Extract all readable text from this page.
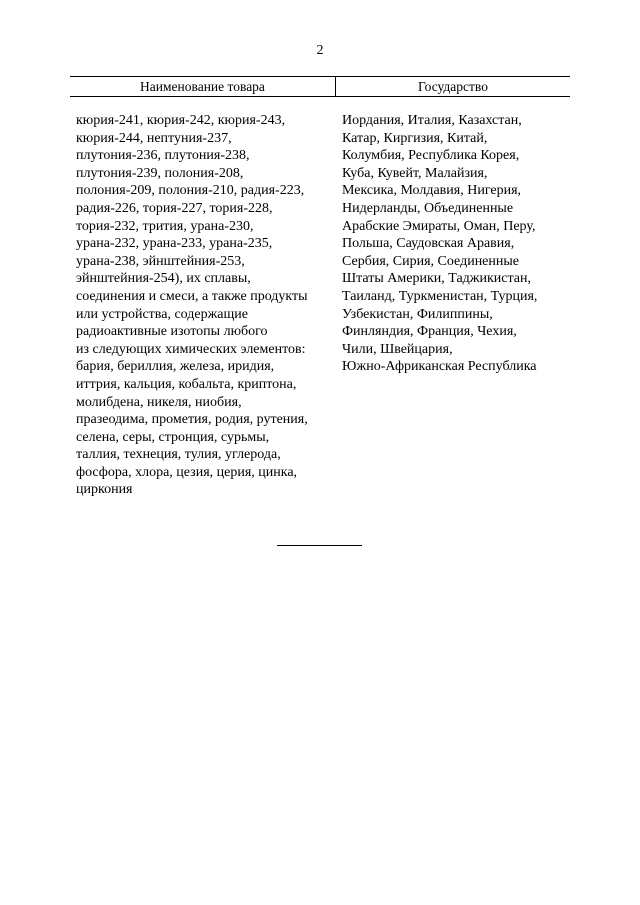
2
Наименование товара	Государство
кюрия-241, кюрия-242, кюрия-243,
кюрия-244, нептуния-237,
плутония-236, плутония-238,
плутония-239, полония-208,
полония-209, полония-210, радия-223,
радия-226, тория-227, тория-228,
тория-232, трития, урана-230,
урана-232, урана-233, урана-235,
урана-238, эйнштейния-253,
эйнштейния-254), их сплавы,
соединения и смеси, а также продукты
или устройства, содержащие
радиоактивные изотопы любого
из следующих химических элементов:
бария, бериллия, железа, иридия,
иттрия, кальция, кобальта, криптона,
молибдена, никеля, ниобия,
празеодима, прометия, родия, рутения,
селена, серы, стронция, сурьмы,
таллия, технеция, тулия, углерода,
фосфора, хлора, цезия, церия, цинка,
циркония
Иордания, Италия, Казахстан,
Катар, Киргизия, Китай,
Колумбия, Республика Корея,
Куба, Кувейт, Малайзия,
Мексика, Молдавия, Нигерия,
Нидерланды, Объединенные
Арабские Эмираты, Оман, Перу,
Польша, Саудовская Аравия,
Сербия, Сирия, Соединенные
Штаты Америки, Таджикистан,
Таиланд, Туркменистан, Турция,
Узбекистан, Филиппины,
Финляндия, Франция, Чехия,
Чили, Швейцария,
Южно-Африканская Республика
